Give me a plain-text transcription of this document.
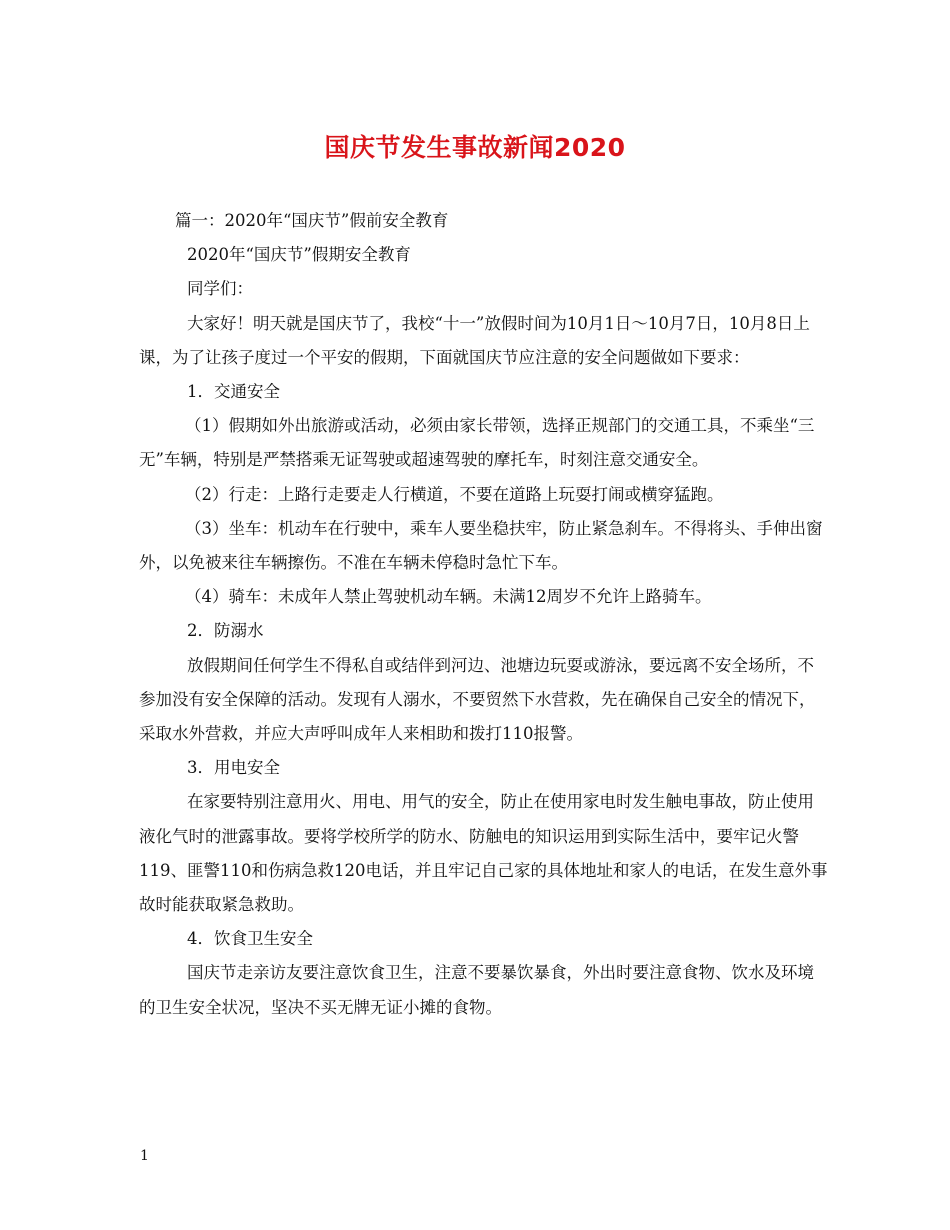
国庆节发生事故新闻2020

篇一：2020年“国庆节”假前安全教育

2020年“国庆节”假期安全教育

同学们：

大家好！明天就是国庆节了，我校“十一”放假时间为10月1日～10月7日，10月8日上课，为了让孩子度过一个平安的假期，下面就国庆节应注意的安全问题做如下要求：

1．交通安全

（1）假期如外出旅游或活动，必须由家长带领，选择正规部门的交通工具，不乘坐“三无”车辆，特别是严禁搭乘无证驾驶或超速驾驶的摩托车，时刻注意交通安全。

（2）行走：上路行走要走人行横道，不要在道路上玩耍打闹或横穿猛跑。

（3）坐车：机动车在行驶中，乘车人要坐稳扶牢，防止紧急刹车。不得将头、手伸出窗外，以免被来往车辆擦伤。不准在车辆未停稳时急忙下车。

（4）骑车：未成年人禁止驾驶机动车辆。未满12周岁不允许上路骑车。

2．防溺水

放假期间任何学生不得私自或结伴到河边、池塘边玩耍或游泳，要远离不安全场所，不参加没有安全保障的活动。发现有人溺水，不要贸然下水营救，先在确保自己安全的情况下，采取水外营救，并应大声呼叫成年人来相助和拨打110报警。

3．用电安全

在家要特别注意用火、用电、用气的安全，防止在使用家电时发生触电事故，防止使用液化气时的泄露事故。要将学校所学的防水、防触电的知识运用到实际生活中，要牢记火警119、匪警110和伤病急救120电话，并且牢记自己家的具体地址和家人的电话，在发生意外事故时能获取紧急救助。

4．饮食卫生安全

国庆节走亲访友要注意饮食卫生，注意不要暴饮暴食，外出时要注意食物、饮水及环境的卫生安全状况，坚决不买无牌无证小摊的食物。

1
